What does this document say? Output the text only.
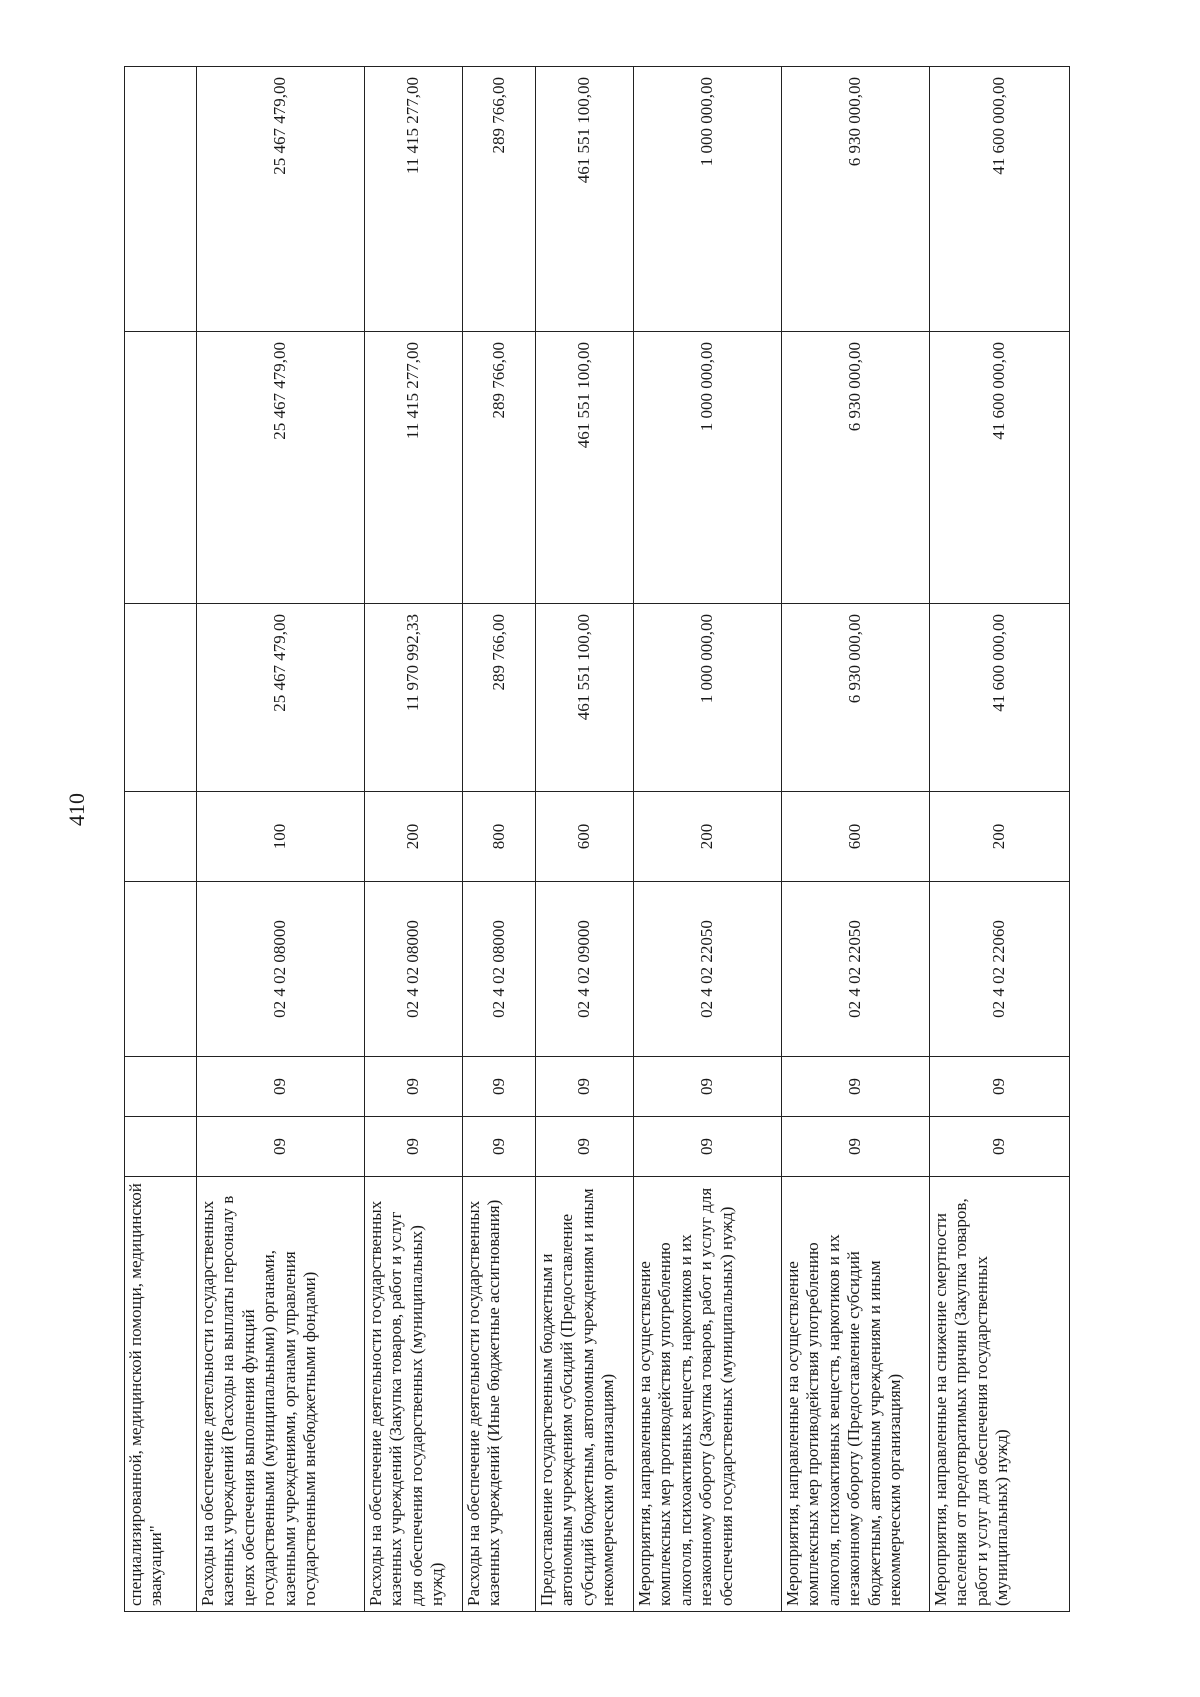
410
специализированной, медицинской помощи, медицинской эвакуации"							
Расходы на обеспечение деятельности государственных казенных учреждений (Расходы на выплаты персоналу в целях обеспечения выполнения функций государственными (муниципальными) органами, казенными учреждениями, органами управления государственными внебюджетными фондами)	09	09	02 4 02 08000	100	25 467 479,00	25 467 479,00	25 467 479,00
Расходы на обеспечение деятельности государственных казенных учреждений (Закупка товаров, работ и услуг для обеспечения государственных (муниципальных) нужд)	09	09	02 4 02 08000	200	11 970 992,33	11 415 277,00	11 415 277,00
Расходы на обеспечение деятельности государственных казенных учреждений (Иные бюджетные ассигнования)	09	09	02 4 02 08000	800	289 766,00	289 766,00	289 766,00
Предоставление государственным бюджетным и автономным учреждениям субсидий (Предоставление субсидий бюджетным, автономным учреждениям и иным некоммерческим организациям)	09	09	02 4 02 09000	600	461 551 100,00	461 551 100,00	461 551 100,00
Мероприятия, направленные на осуществление комплексных мер противодействия употреблению алкоголя, психоактивных веществ, наркотиков и их незаконному обороту (Закупка товаров, работ и услуг для обеспечения государственных (муниципальных) нужд)	09	09	02 4 02 22050	200	1 000 000,00	1 000 000,00	1 000 000,00
Мероприятия, направленные на осуществление комплексных мер противодействия употреблению алкоголя, психоактивных веществ, наркотиков и их незаконному обороту (Предоставление субсидий бюджетным, автономным учреждениям и иным некоммерческим организациям)	09	09	02 4 02 22050	600	6 930 000,00	6 930 000,00	6 930 000,00
Мероприятия, направленные на снижение смертности населения от предотвратимых причин (Закупка товаров, работ и услуг для обеспечения государственных (муниципальных) нужд)	09	09	02 4 02 22060	200	41 600 000,00	41 600 000,00	41 600 000,00
